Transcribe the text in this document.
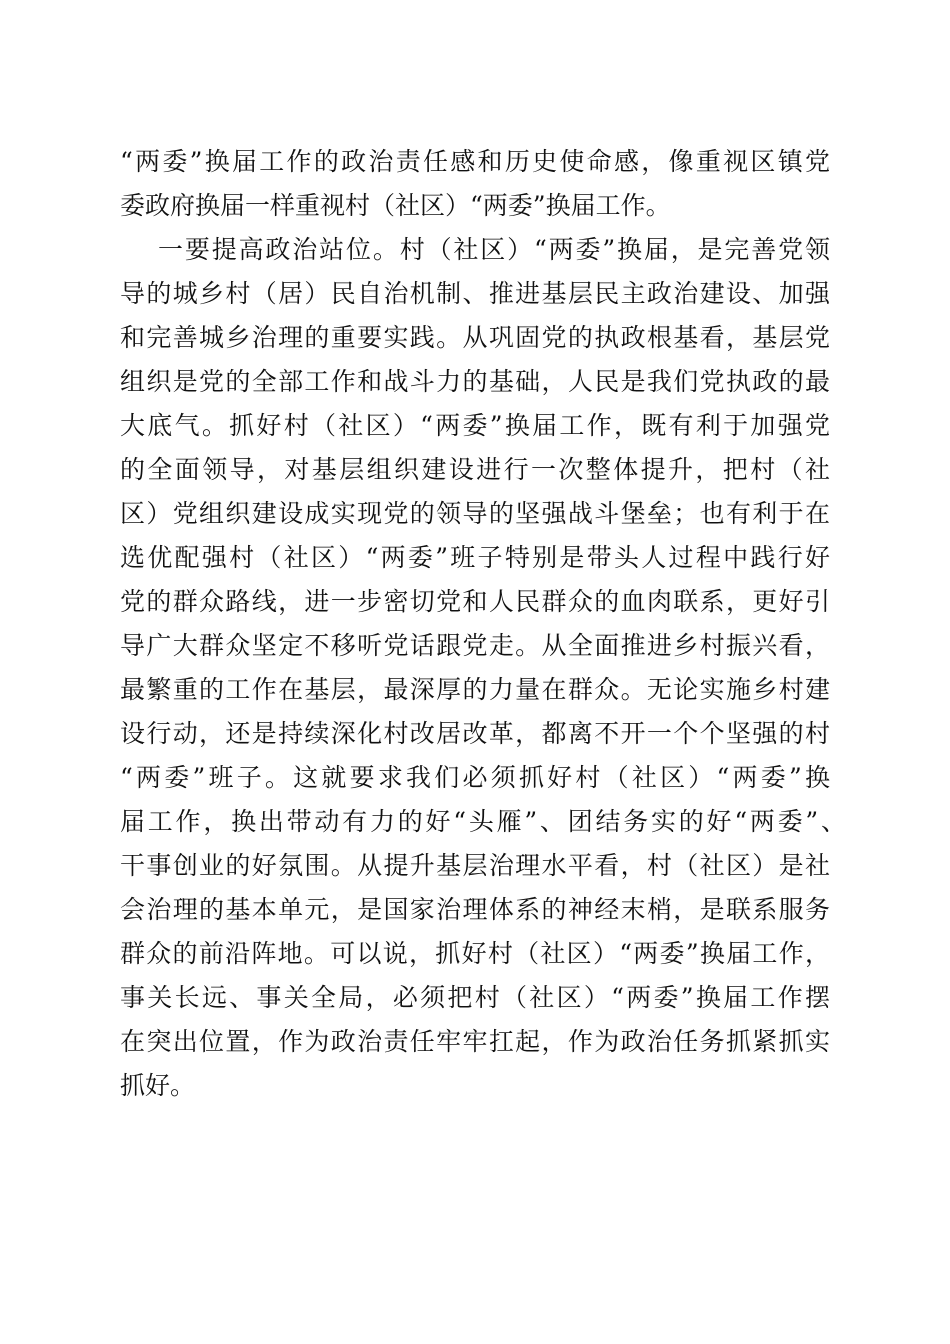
“两委”换届工作的政治责任感和历史使命感，像重视区镇党
委政府换届一样重视村（社区）“两委”换届工作。
一要提高政治站位。村（社区）“两委”换届，是完善党领
导的城乡村（居）民自治机制、推进基层民主政治建设、加强
和完善城乡治理的重要实践。从巩固党的执政根基看，基层党
组织是党的全部工作和战斗力的基础，人民是我们党执政的最
大底气。抓好村（社区）“两委”换届工作，既有利于加强党
的全面领导，对基层组织建设进行一次整体提升，把村（社
区）党组织建设成实现党的领导的坚强战斗堡垒；也有利于在
选优配强村（社区）“两委”班子特别是带头人过程中践行好
党的群众路线，进一步密切党和人民群众的血肉联系，更好引
导广大群众坚定不移听党话跟党走。从全面推进乡村振兴看，
最繁重的工作在基层，最深厚的力量在群众。无论实施乡村建
设行动，还是持续深化村改居改革，都离不开一个个坚强的村
“两委”班子。这就要求我们必须抓好村（社区）“两委”换
届工作，换出带动有力的好“头雁”、团结务实的好“两委”、
干事创业的好氛围。从提升基层治理水平看，村（社区）是社
会治理的基本单元，是国家治理体系的神经末梢，是联系服务
群众的前沿阵地。可以说，抓好村（社区）“两委”换届工作，
事关长远、事关全局，必须把村（社区）“两委”换届工作摆
在突出位置，作为政治责任牢牢扛起，作为政治任务抓紧抓实
抓好。
